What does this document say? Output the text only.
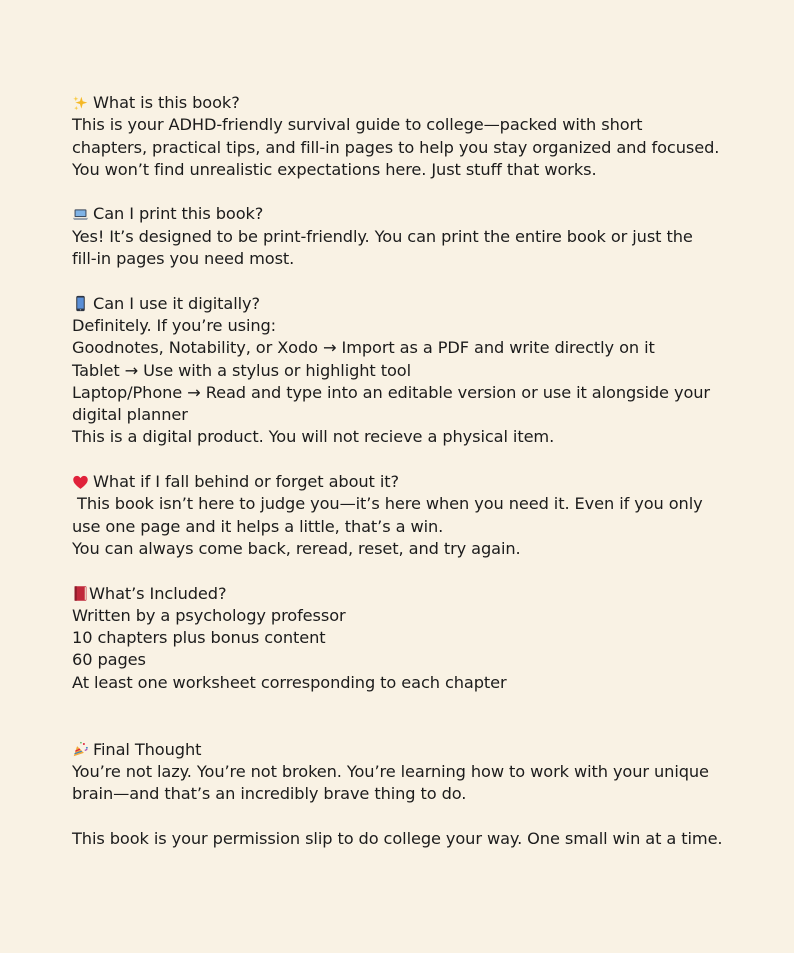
What is this book?
This is your ADHD-friendly survival guide to college—packed with short
chapters, practical tips, and fill-in pages to help you stay organized and focused.
You won’t find unrealistic expectations here. Just stuff that works.
Can I print this book?
Yes! It’s designed to be print-friendly. You can print the entire book or just the
fill-in pages you need most.
Can I use it digitally?
Definitely. If you’re using:
Goodnotes, Notability, or Xodo → Import as a PDF and write directly on it
Tablet → Use with a stylus or highlight tool
Laptop/Phone → Read and type into an editable version or use it alongside your
digital planner
This is a digital product. You will not recieve a physical item.
What if I fall behind or forget about it?
This book isn’t here to judge you—it’s here when you need it. Even if you only
use one page and it helps a little, that’s a win.
You can always come back, reread, reset, and try again.
What’s Included?
Written by a psychology professor
10 chapters plus bonus content
60 pages
At least one worksheet corresponding to each chapter
Final Thought
You’re not lazy. You’re not broken. You’re learning how to work with your unique
brain—and that’s an incredibly brave thing to do.
This book is your permission slip to do college your way. One small win at a time.
